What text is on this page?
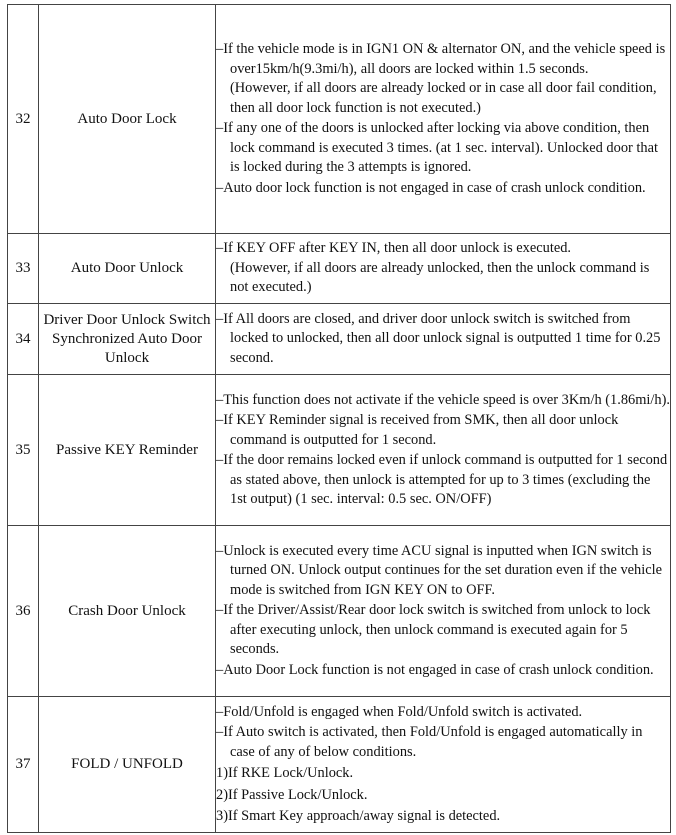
32	Auto Door Lock	– If the vehicle mode is in IGN1 ON & alternator ON, and the vehicle speed is over15km/h(9.3mi/h), all doors are locked within 1.5 seconds.

(However, if all doors are already locked or in case all door fail condition, then all door lock function is not executed.)

– If any one of the doors is unlocked after locking via above condition, then lock command is executed 3 times. (at 1 sec. interval). Unlocked door that is locked during the 3 attempts is ignored.

– Auto door lock function is not engaged in case of crash unlock condition.

33	Auto Door Unlock	– If KEY OFF after KEY IN, then all door unlock is executed.

(However, if all doors are already unlocked, then the unlock command is not executed.)

34	Driver Door Unlock Switch Synchronized Auto Door Unlock	– If All doors are closed, and driver door unlock switch is switched from locked to unlocked, then all door unlock signal is outputted 1 time for 0.25 second.

35	Passive KEY Reminder	– This function does not activate if the vehicle speed is over 3Km/h (1.86mi/h).

– If KEY Reminder signal is received from SMK, then all door unlock command is outputted for 1 second.

– If the door remains locked even if unlock command is outputted for 1 second as stated above, then unlock is attempted for up to 3 times (excluding the 1st output) (1 sec. interval: 0.5 sec. ON/OFF)

36	Crash Door Unlock	– Unlock is executed every time ACU signal is inputted when IGN switch is turned ON. Unlock output continues for the set duration even if the vehicle mode is switched from IGN KEY ON to OFF.

– If the Driver/Assist/Rear door lock switch is switched from unlock to lock after executing unlock, then unlock command is executed again for 5 seconds.

– Auto Door Lock function is not engaged in case of crash unlock condition.

37	FOLD / UNFOLD	– Fold/Unfold is engaged when Fold/Unfold switch is activated.

– If Auto switch is activated, then Fold/Unfold is engaged automatically in case of any of below conditions.

1)If RKE Lock/Unlock.

2)If Passive Lock/Unlock.

3)If Smart Key approach/away signal is detected.
